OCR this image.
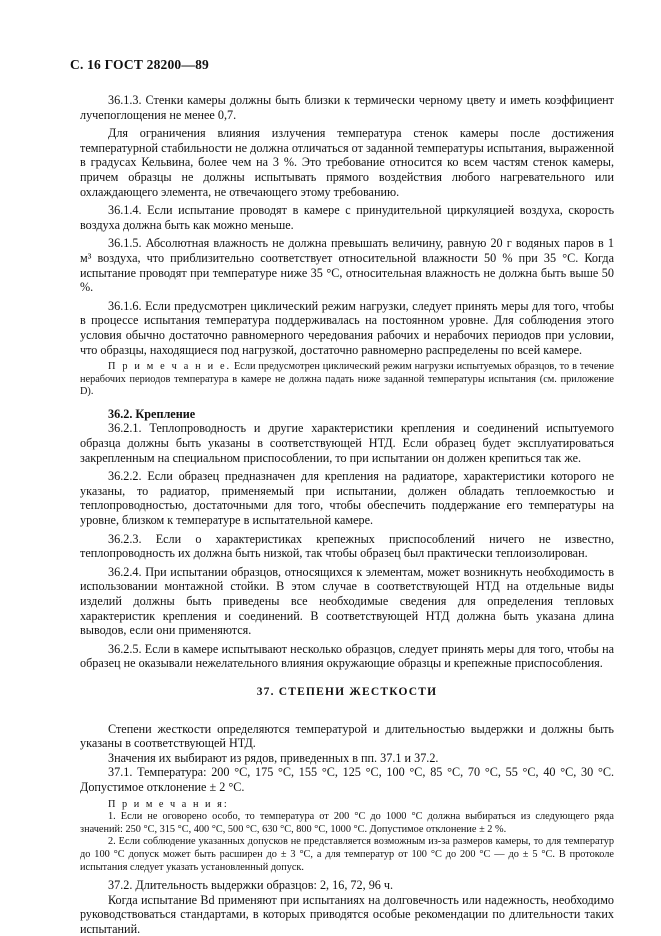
С. 16 ГОСТ 28200—89

36.1.3. Стенки камеры должны быть близки к термически черному цвету и иметь коэффициент лучепоглощения не менее 0,7.

Для ограничения влияния излучения температура стенок камеры после достижения температурной стабильности не должна отличаться от заданной температуры испытания, выраженной в градусах Кельвина, более чем на 3 %. Это требование относится ко всем частям стенок камеры, причем образцы не должны испытывать прямого воздействия любого нагревательного или охлаждающего элемента, не отвечающего этому требованию.

36.1.4. Если испытание проводят в камере с принудительной циркуляцией воздуха, скорость воздуха должна быть как можно меньше.

36.1.5. Абсолютная влажность не должна превышать величину, равную 20 г водяных паров в 1 м³ воздуха, что приблизительно соответствует относительной влажности 50 % при 35 °С. Когда испытание проводят при температуре ниже 35 °С, относительная влажность не должна быть выше 50 %.

36.1.6. Если предусмотрен циклический режим нагрузки, следует принять меры для того, чтобы в процессе испытания температура поддерживалась на постоянном уровне. Для соблюдения этого условия обычно достаточно равномерного чередования рабочих и нерабочих периодов при условии, что образцы, находящиеся под нагрузкой, достаточно равномерно распределены по всей камере.

П р и м е ч а н и е. Если предусмотрен циклический режим нагрузки испытуемых образцов, то в течение нерабочих периодов температура в камере не должна падать ниже заданной температуры испытания (см. приложение D).

36.2. Крепление

36.2.1. Теплопроводность и другие характеристики крепления и соединений испытуемого образца должны быть указаны в соответствующей НТД. Если образец будет эксплуатироваться закрепленным на специальном приспособлении, то при испытании он должен крепиться так же.

36.2.2. Если образец предназначен для крепления на радиаторе, характеристики которого не указаны, то радиатор, применяемый при испытании, должен обладать теплоемкостью и теплопроводностью, достаточными для того, чтобы обеспечить поддержание его температуры на уровне, близком к температуре в испытательной камере.

36.2.3. Если о характеристиках крепежных приспособлений ничего не известно, теплопроводность их должна быть низкой, так чтобы образец был практически теплоизолирован.

36.2.4. При испытании образцов, относящихся к элементам, может возникнуть необходимость в использовании монтажной стойки. В этом случае в соответствующей НТД на отдельные виды изделий должны быть приведены все необходимые сведения для определения тепловых характеристик крепления и соединений. В соответствующей НТД должна быть указана длина выводов, если они применяются.

36.2.5. Если в камере испытывают несколько образцов, следует принять меры для того, чтобы на образец не оказывали нежелательного влияния окружающие образцы и крепежные приспособления.

37. СТЕПЕНИ ЖЕСТКОСТИ

Степени жесткости определяются температурой и длительностью выдержки и должны быть указаны в соответствующей НТД.

Значения их выбирают из рядов, приведенных в пп. 37.1 и 37.2.

37.1. Температура: 200 °С, 175 °С, 155 °С, 125 °С, 100 °С, 85 °С, 70 °С, 55 °С, 40 °С, 30 °С. Допустимое отклонение ± 2 °С.

П р и м е ч а н и я:

1. Если не оговорено особо, то температура от 200 °С до 1000 °С должна выбираться из следующего ряда значений: 250 °С, 315 °С, 400 °С, 500 °С, 630 °С, 800 °С, 1000 °С. Допустимое отклонение ± 2 %.

2. Если соблюдение указанных допусков не представляется возможным из-за размеров камеры, то для температур до 100 °С допуск может быть расширен до ± 3 °С, а для температур от 100 °С до 200 °С — до ± 5 °С. В протоколе испытания следует указать установленный допуск.

37.2. Длительность выдержки образцов: 2, 16, 72, 96 ч.

Когда испытание Bd применяют при испытаниях на долговечность или надежность, необходимо руководствоваться стандартами, в которых приводятся особые рекомендации по длительности таких испытаний.
